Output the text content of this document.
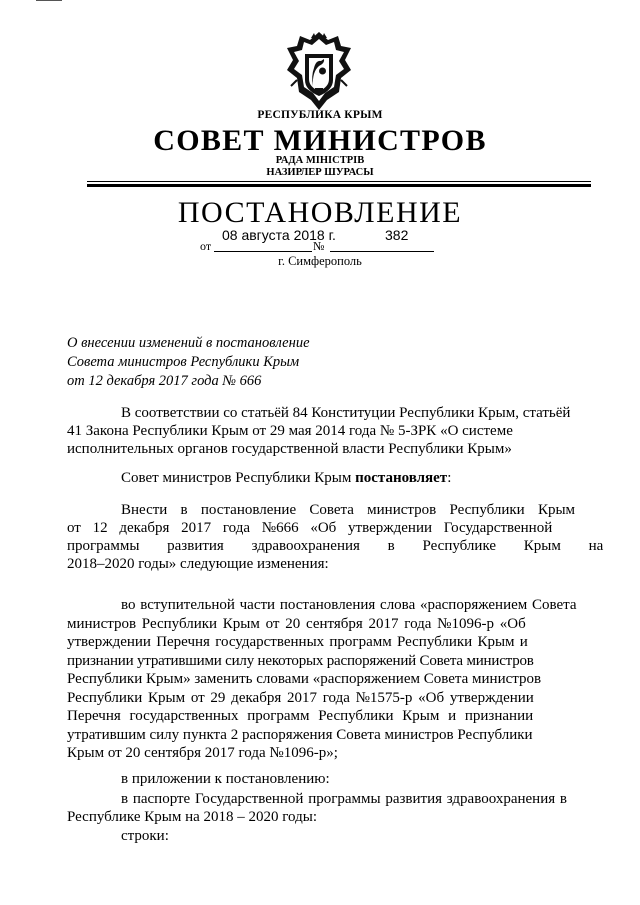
РЕСПУБЛИКА КРЫМ
СОВЕТ МИНИСТРОВ
РАДА МІНІСТРІВ
НАЗИРЛЕР ШУРАСЫ
ПОСТАНОВЛЕНИЕ
08 августа 2018 г.	382
от	№
г. Симферополь
О внесении изменений в постановление
Совета министров Республики Крым
от 12 декабря 2017 года № 666
В соответствии со статьёй 84 Конституции Республики Крым, статьёй
41 Закона Республики Крым от 29 мая 2014 года № 5-ЗРК «О системе
исполнительных органов государственной власти Республики Крым»
Совет министров Республики Крым постановляет:
Внести в постановление Совета министров Республики Крым
от 12 декабря 2017 года №666 «Об утверждении Государственной
программы развития здравоохранения в Республике Крым на
2018–2020 годы» следующие изменения:
во вступительной части постановления слова «распоряжением Совета
министров Республики Крым от 20 сентября 2017 года №1096-р «Об
утверждении Перечня государственных программ Республики Крым и
признании утратившими силу некоторых распоряжений Совета министров
Республики Крым» заменить словами «распоряжением Совета министров
Республики Крым от 29 декабря 2017 года №1575-р «Об утверждении
Перечня государственных программ Республики Крым и признании
утратившим силу пункта 2 распоряжения Совета министров Республики
Крым от 20 сентября 2017 года №1096-р»;
в приложении к постановлению:
в паспорте Государственной программы развития здравоохранения в
Республике Крым на 2018 – 2020 годы:
строки:
